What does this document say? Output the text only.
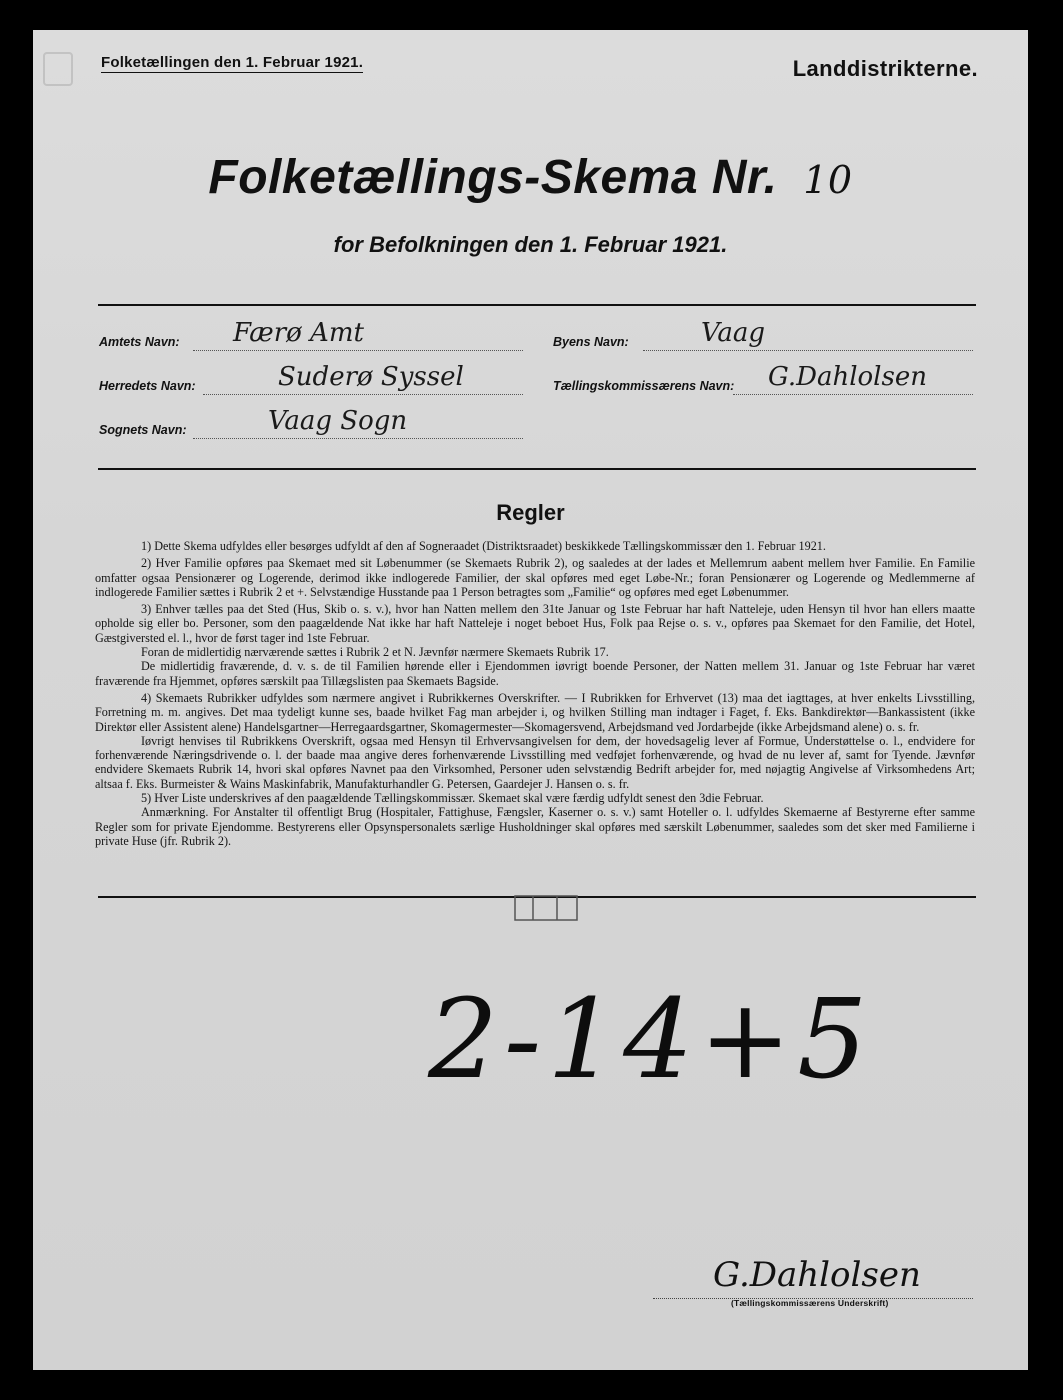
Folketællingen den 1. Februar 1921.	Landdistrikterne.
Folketællings-Skema Nr. 10
for Befolkningen den 1. Februar 1921.
Amtets Navn: Færø Amt
Herredets Navn:	Suderø Syssel
Sognets Navn:	Vaag Sogn
Byens Navn:	Vaag
Tællingskommissærens Navn: G.Dahlolsen
Regler

1) Dette Skema udfyldes eller besørges udfyldt af den af Sogneraadet (Distriktsraadet) beskikkede Tællingskommissær den 1. Februar 1921.

2) Hver Familie opføres paa Skemaet med sit Løbenummer (se Skemaets Rubrik 2), og saaledes at der lades et Mellemrum aabent mellem hver Familie. En Familie omfatter ogsaa Pensionærer og Logerende, derimod ikke indlogerede Familier, der skal opføres med eget Løbe-Nr.; foran Pensionærer og Logerende og Medlemmerne af indlogerede Familier sættes i Rubrik 2 et +. Selvstændige Husstande paa 1 Person betragtes som „Familie“ og opføres med eget Løbenummer.

3) Enhver tælles paa det Sted (Hus, Skib o. s. v.), hvor han Natten mellem den 31te Januar og 1ste Februar har haft Natteleje, uden Hensyn til hvor han ellers maatte opholde sig eller bo. Personer, som den paagældende Nat ikke har haft Natteleje i noget beboet Hus, Folk paa Rejse o. s. v., opføres paa Skemaet for den Familie, det Hotel, Gæstgiversted el. l., hvor de først tager ind 1ste Februar.

Foran de midlertidig nærværende sættes i Rubrik 2 et N. Jævnfør nærmere Skemaets Rubrik 17.

De midlertidig fraværende, d. v. s. de til Familien hørende eller i Ejendommen iøvrigt boende Personer, der Natten mellem 31. Januar og 1ste Februar har været fraværende fra Hjemmet, opføres særskilt paa Tillægslisten paa Skemaets Bagside.

4) Skemaets Rubrikker udfyldes som nærmere angivet i Rubrikkernes Overskrifter. — I Rubrikken for Erhvervet (13) maa det iagttages, at hver enkelts Livsstilling, Forretning m. m. angives. Det maa tydeligt kunne ses, baade hvilket Fag man arbejder i, og hvilken Stilling man indtager i Faget, f. Eks. Bankdirektør—Bankassistent (ikke Direktør eller Assistent alene) Handelsgartner—Herregaardsgartner, Skomagermester—Skomagersvend, Arbejdsmand ved Jordarbejde (ikke Arbejdsmand alene) o. s. fr.

Iøvrigt henvises til Rubrikkens Overskrift, ogsaa med Hensyn til Erhvervsangivelsen for dem, der hovedsagelig lever af Formue, Understøttelse o. l., endvidere for forhenværende Næringsdrivende o. l. der baade maa angive deres forhenværende Livsstilling med vedføjet forhenværende, og hvad de nu lever af, samt for Tyende. Jævnfør endvidere Skemaets Rubrik 14, hvori skal opføres Navnet paa den Virksomhed, Personer uden selvstændig Bedrift arbejder for, med nøjagtig Angivelse af Virksomhedens Art; altsaa f. Eks. Burmeister & Wains Maskinfabrik, Manufakturhandler G. Petersen, Gaardejer J. Hansen o. s. fr.

5) Hver Liste underskrives af den paagældende Tællingskommissær. Skemaet skal være færdig udfyldt senest den 3die Februar.

Anmærkning. For Anstalter til offentligt Brug (Hospitaler, Fattighuse, Fængsler, Kaserner o. s. v.) samt Hoteller o. l. udfyldes Skemaerne af Bestyrerne efter samme Regler som for private Ejendomme. Bestyrerens eller Opsynspersonalets særlige Husholdninger skal opføres med særskilt Løbenummer, saaledes som det sker med Familierne i private Huse (jfr. Rubrik 2).

2-14+5
G.Dahlolsen
(Tællingskommissærens Underskrift)
